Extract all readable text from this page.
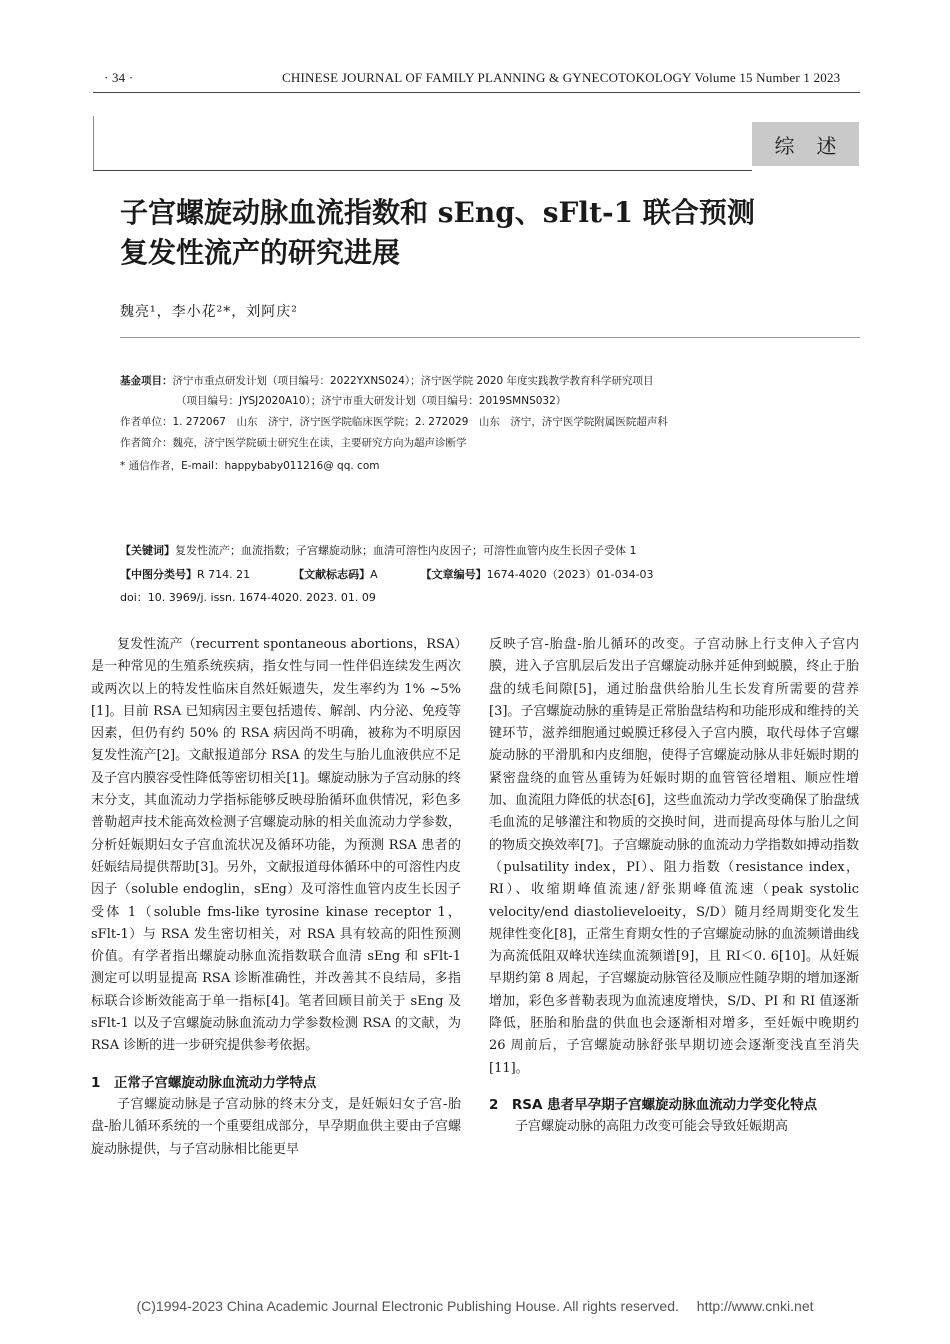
· 34 ·	CHINESE JOURNAL OF FAMILY PLANNING & GYNECOTOKOLOGY Volume 15 Number 1 2023
综述
子宫螺旋动脉血流指数和 sEng、sFlt-1 联合预测
复发性流产的研究进展
魏亮¹，李小花²*，刘阿庆²
基金项目：济宁市重点研发计划（项目编号：2022YXNS024）；济宁医学院 2020 年度实践教学教育科学研究项目
（项目编号：JYSJ2020A10）；济宁市重大研发计划（项目编号：2019SMNS032）
作者单位：1. 272067　山东　济宁，济宁医学院临床医学院；2. 272029　山东　济宁，济宁医学院附属医院超声科
作者简介：魏亮，济宁医学院硕士研究生在读，主要研究方向为超声诊断学
* 通信作者，E-mail：happybaby011216@ qq. com
【关键词】复发性流产；血流指数；子宫螺旋动脉；血清可溶性内皮因子；可溶性血管内皮生长因子受体 1
【中图分类号】R 714. 21	【文献标志码】A	【文章编号】1674-4020（2023）01-034-03
doi：10. 3969/j. issn. 1674-4020. 2023. 01. 09

复发性流产（recurrent spontaneous abortions，RSA）是一种常见的生殖系统疾病，指女性与同一性伴侣连续发生两次或两次以上的特发性临床自然妊娠遗失，发生率约为 1% ~5%[1]。目前 RSA 已知病因主要包括遗传、解剖、内分泌、免疫等因素，但仍有约 50% 的 RSA 病因尚不明确，被称为不明原因复发性流产[2]。文献报道部分 RSA 的发生与胎儿血液供应不足及子宫内膜容受性降低等密切相关[1]。螺旋动脉为子宫动脉的终末分支，其血流动力学指标能够反映母胎循环血供情况，彩色多普勒超声技术能高效检测子宫螺旋动脉的相关血流动力学参数，分析妊娠期妇女子宫血流状况及循环功能，为预测 RSA 患者的妊娠结局提供帮助[3]。另外，文献报道母体循环中的可溶性内皮因子（soluble endoglin，sEng）及可溶性血管内皮生长因子受体 1（soluble fms-like tyrosine kinase receptor 1，sFlt-1）与 RSA 发生密切相关，对 RSA 具有较高的阳性预测价值。有学者指出螺旋动脉血流指数联合血清 sEng 和 sFlt-1 测定可以明显提高 RSA 诊断准确性，并改善其不良结局，多指标联合诊断效能高于单一指标[4]。笔者回顾目前关于 sEng 及 sFlt-1 以及子宫螺旋动脉血流动力学参数检测 RSA 的文献，为 RSA 诊断的进一步研究提供参考依据。

1　正常子宫螺旋动脉血流动力学特点

子宫螺旋动脉是子宫动脉的终末分支，是妊娠妇女子宫-胎盘-胎儿循环系统的一个重要组成部分，早孕期血供主要由子宫螺旋动脉提供，与子宫动脉相比能更早

反映子宫-胎盘-胎儿循环的改变。子宫动脉上行支伸入子宫内膜，进入子宫肌层后发出子宫螺旋动脉并延伸到蜕膜，终止于胎盘的绒毛间隙[5]，通过胎盘供给胎儿生长发育所需要的营养[3]。子宫螺旋动脉的重铸是正常胎盘结构和功能形成和维持的关键环节，滋养细胞通过蜕膜迁移侵入子宫内膜，取代母体子宫螺旋动脉的平滑肌和内皮细胞，使得子宫螺旋动脉从非妊娠时期的紧密盘绕的血管丛重铸为妊娠时期的血管管径增粗、顺应性增加、血流阻力降低的状态[6]，这些血流动力学改变确保了胎盘绒毛血流的足够灌注和物质的交换时间，进而提高母体与胎儿之间的物质交换效率[7]。子宫螺旋动脉的血流动力学指数如搏动指数（pulsatility index，PI）、阻力指数（resistance index，RI）、收缩期峰值流速/舒张期峰值流速（peak systolic velocity/end diastolieveloeity，S/D）随月经周期变化发生规律性变化[8]，正常生育期女性的子宫螺旋动脉的血流频谱曲线为高流低阻双峰状连续血流频谱[9]，且 RI＜0. 6[10]。从妊娠早期约第 8 周起，子宫螺旋动脉管径及顺应性随孕期的增加逐渐增加，彩色多普勒表现为血流速度增快，S/D、PI 和 RI 值逐渐降低，胚胎和胎盘的供血也会逐渐相对增多，至妊娠中晚期约 26 周前后，子宫螺旋动脉舒张早期切迹会逐渐变浅直至消失[11]。

2　RSA 患者早孕期子宫螺旋动脉血流动力学变化特点

子宫螺旋动脉的高阻力改变可能会导致妊娠期高

(C)1994-2023 China Academic Journal Electronic Publishing House. All rights reserved.　 http://www.cnki.net
